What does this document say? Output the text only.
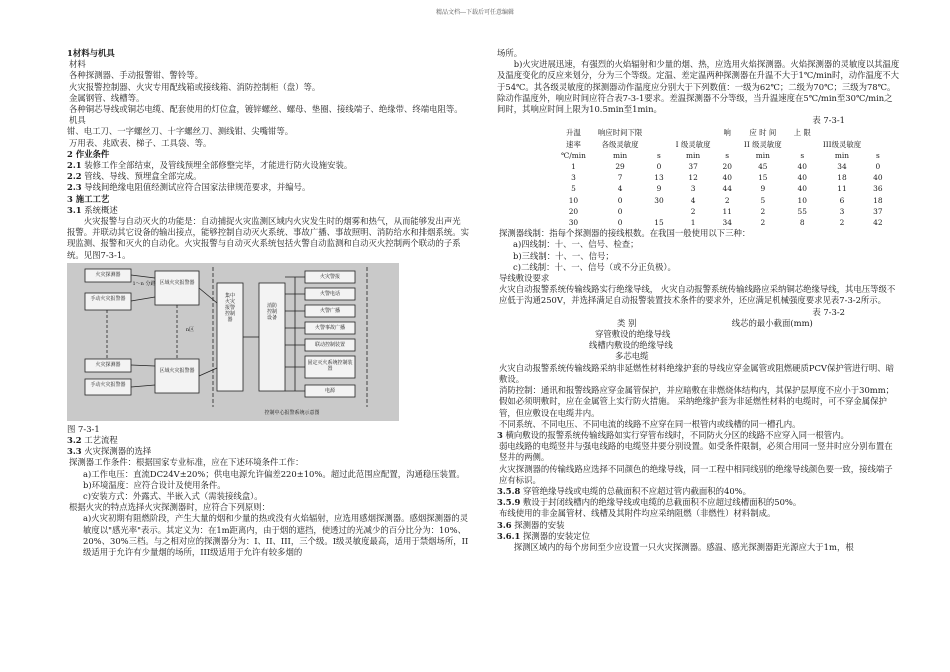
精品文档---下载后可任意编辑

1材料与机具

材料

各种探测器、手动报警钳、警铃等。

火灾报警控制器、火灾专用配线箱或接线箱、消防控制柜（盘）等。

金属钢管、线槽等。

各种铜芯导线或铜芯电缆、配套使用的灯位盒，镀锌螺丝、螺母、垫圈、接线端子、绝缘带、终端电阻等。

机具

钳、电工刀、一字螺丝刀、十字螺丝刀、测线钳、尖嘴钳等。

万用表、兆欧表、梯子、工具袋、等。

2 作业条件

2.1 装修工作全部结束，及管线预埋全部修整完毕，才能进行防火设施安装。

2.2 管线、导线、预埋盒全部完成。

2.3 导线间绝缘电阻值经测试应符合国家法律规范要求，并编号。

3 施工工艺

3.1 系统概述

火灾报警与自动灭火的功能是：自动捕捉火灾监测区域内火灾发生时的烟雾和热气，从而能够发出声光报警。并联动其它设备的输出接点，能够控制自动灭火系统、事故广播、事故照明、消防给水和排烟系统。实现监测、报警和灭火的自动化。火灾报警与自动灭火系统包括火警自动监测和自动灭火控制两个联动的子系统。见图7-3-1。

火灾探测器
1～n 分路
手动火灾报警器
区域火灾报警器
n区
火灾探测器
手动火灾报警器
区域火灾报警器
集中火灾报警控制器
消防控制设备
火灾警报
火警电话
火警广播
火警事故广播
联动控制装置
固定灭火系统控制装置
电源
控制中心报警系统示意图

图 7-3-1

3.2 工艺流程

3.3 火灾探测器的选择

探测器工作条件：根据国家专业标准，应在下述环境条件工作：

a)工作电压：直流DC24V±20%；供电电源允许偏差220±10%。超过此范围应配置，沟通稳压装置。

b)环境温度：应符合设计及使用条件。

c)安装方式：外露式、半嵌入式（需装接线盒）。

根据火灾的特点选择火灾探测器时，应符合下列原则：

a)火灾初期有阻燃阶段，产生大量的烟和少量的热或没有火焰辐射，应选用感烟探测器。感烟探测器的灵敏度以"感光率"表示。其定义为：在1m距离内，由于烟的遮挡，使透过的光减少的百分比分为：10%、20%、30%三档。与之相对应的探测器分为：I、II、III，三个级。I级灵敏度最高，适用于禁烟场所，II级适用于允许有少量烟的场所，III级适用于允许有较多烟的

场所。

b)火灾进展迅速，有强烈的火焰辐射和少量的烟、热，应选用火焰探测器。火焰探测器的灵敏度以其温度及温度变化的反应来划分，分为三个等级。定温、差定温两种探测器在升温不大于1℃/min时，动作温度不大于54℃。其各级灵敏度的探测器动作温度应分别大于下列数值：一级为62℃；二级为70℃；三级为78℃。除动作温度外，响应时间应符合表7-3-1要求。差温探测器不分等级，当升温速度在5℃/min至30℃/min之间时，其响应时间上限为10.5min至1min。

表 7-3-1

升温	响应时间下限			响	应 时 间	上 限		
速率	各级灵敏度		I 级灵敏度		II 级灵敏度		III级灵敏度	
℃/min	min	s	min	s	min	s	min	s
1	29	0	37	20	45	40	34	0
3	7	13	12	40	15	40	18	40
5	4	9	3	44	9	40	11	36
10	0	30	4	2	5	10	6	18
20	0		2	11	2	55	3	37
30	0	15	1	34	2	8	2	42

探测器线制：指每个探测器的接线根数。在我国一般使用以下三种：

a)四线制：十、一、信号、检查；

b)三线制：十、一、信号；

c)二线制：十、一、信号（或不分正负极）。

导线敷设要求

火灾自动报警系统传输线路实行绝缘导线， 火灾自动报警系统传输线路应采纳铜芯绝缘导线，其电压等级不应低于沟通250V，并选择满足自动报警装置技术条件的要求外，还应满足机械强度要求见表7-3-2所示。

表 7-3-2

类 别	线芯的最小截面(mm)

穿管敷设的绝缘导线

线槽内敷设的绝缘导线

多芯电缆

火灾自动报警系统传输线路采纳非延燃性材料绝缘护套的导线应穿金属管或阻燃硬质PCV保护管进行明、暗敷设。

消防控制：通讯和报警线路应穿金属管保护，并应暗敷在非燃烧体结构内，其保护层厚度不应小于30mm；假如必须明敷时，应在金属管上实行防火措施。 采纳绝缘护套为非延燃性材料的电缆时，可不穿金属保护管，但应敷设在电缆井内。

不同系统、不同电压、不同电流的线路不应穿在同一根管内或线槽的同一槽孔内。

3 横向敷设的报警系统传输线路如实行穿管布线时，不同防火分区的线路不应穿入同一根管内。

弱电线路的电缆竖井与强电线路的电缆竖井要分别设置。如受条件限制，必须合用同一竖井时应分别布置在竖井的两侧。

火灾探测器的传输线路应选择不同颜色的绝缘导线，同一工程中相同线别的绝缘导线颜色要一致，接线端子应有标识。

3.5.8 穿管绝缘导线或电缆的总截面积不应超过管内截面积的40%。

3.5.9 敷设于封闭线槽内的绝缘导线或电缆的总截面积不应超过线槽面积的50%。

布线使用的非金属管材、线槽及其附件均应采纳阻燃（非燃性）材料制成。

3.6 探测器的安装

3.6.1 探测器的安装定位

探测区域内的每个房间至少应设置一只火灾探测器。感温、感光探测器距光源应大于1m，根
